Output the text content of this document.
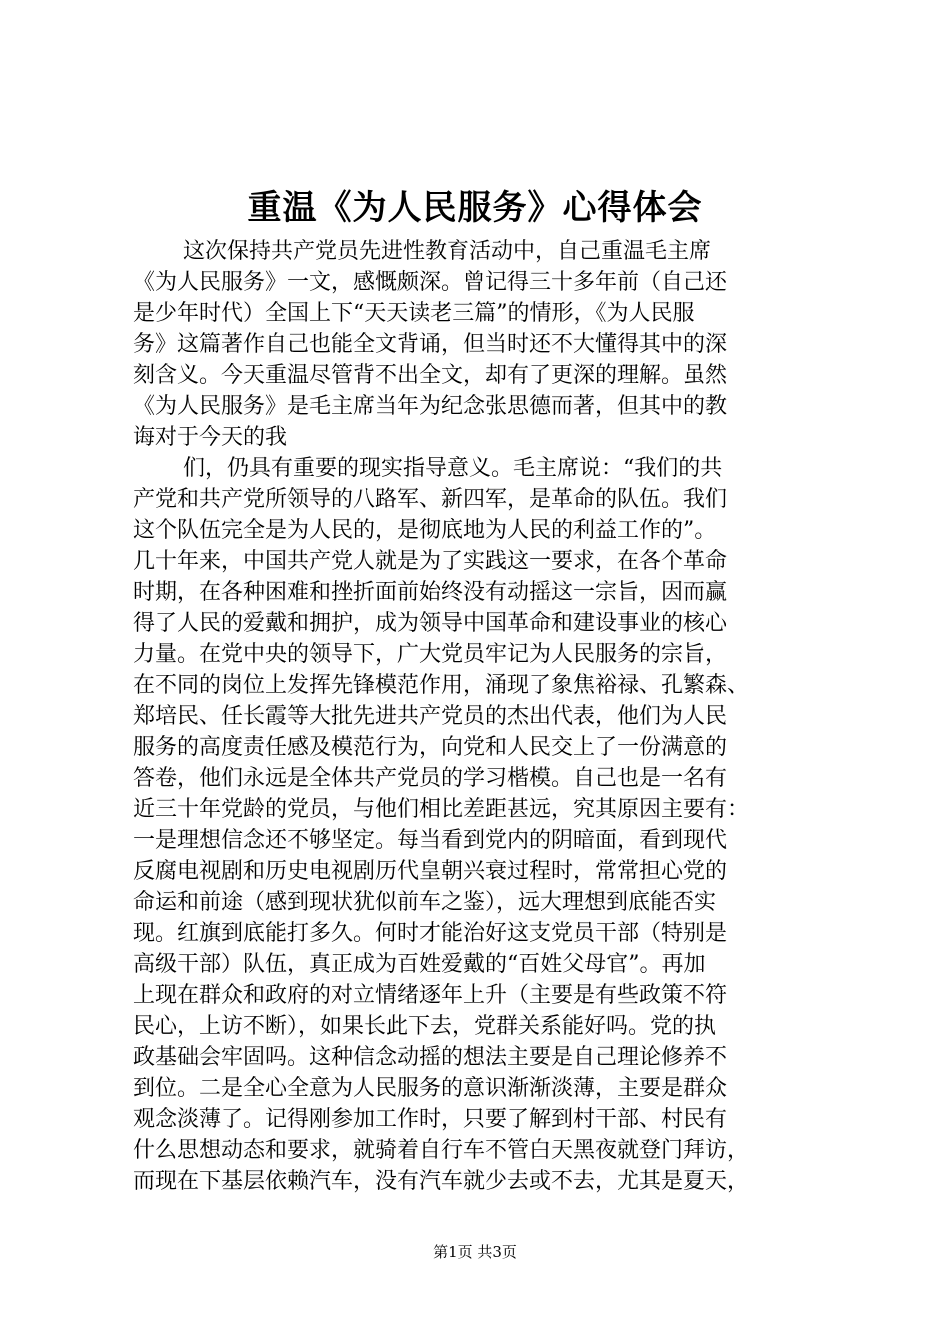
重温《为人民服务》心得体会
这次保持共产党员先进性教育活动中，自己重温毛主席
《为人民服务》一文，感慨颇深。曾记得三十多年前（自己还
是少年时代）全国上下“天天读老三篇”的情形，《为人民服
务》这篇著作自己也能全文背诵，但当时还不大懂得其中的深
刻含义。今天重温尽管背不出全文，却有了更深的理解。虽然
《为人民服务》是毛主席当年为纪念张思德而著，但其中的教
诲对于今天的我
们，仍具有重要的现实指导意义。毛主席说：“我们的共
产党和共产党所领导的八路军、新四军，是革命的队伍。我们
这个队伍完全是为人民的，是彻底地为人民的利益工作的”。
几十年来，中国共产党人就是为了实践这一要求，在各个革命
时期，在各种困难和挫折面前始终没有动摇这一宗旨，因而赢
得了人民的爱戴和拥护，成为领导中国革命和建设事业的核心
力量。在党中央的领导下，广大党员牢记为人民服务的宗旨，
在不同的岗位上发挥先锋模范作用，涌现了象焦裕禄、孔繁森、
郑培民、任长霞等大批先进共产党员的杰出代表，他们为人民
服务的高度责任感及模范行为，向党和人民交上了一份满意的
答卷，他们永远是全体共产党员的学习楷模。自己也是一名有
近三十年党龄的党员，与他们相比差距甚远，究其原因主要有：
一是理想信念还不够坚定。每当看到党内的阴暗面，看到现代
反腐电视剧和历史电视剧历代皇朝兴衰过程时，常常担心党的
命运和前途（感到现状犹似前车之鉴），远大理想到底能否实
现。红旗到底能打多久。何时才能治好这支党员干部（特别是
高级干部）队伍，真正成为百姓爱戴的“百姓父母官”。再加
上现在群众和政府的对立情绪逐年上升（主要是有些政策不符
民心，上访不断），如果长此下去，党群关系能好吗。党的执
政基础会牢固吗。这种信念动摇的想法主要是自己理论修养不
到位。二是全心全意为人民服务的意识渐渐淡薄，主要是群众
观念淡薄了。记得刚参加工作时，只要了解到村干部、村民有
什么思想动态和要求，就骑着自行车不管白天黑夜就登门拜访，
而现在下基层依赖汽车，没有汽车就少去或不去，尤其是夏天，
第1页 共3页
